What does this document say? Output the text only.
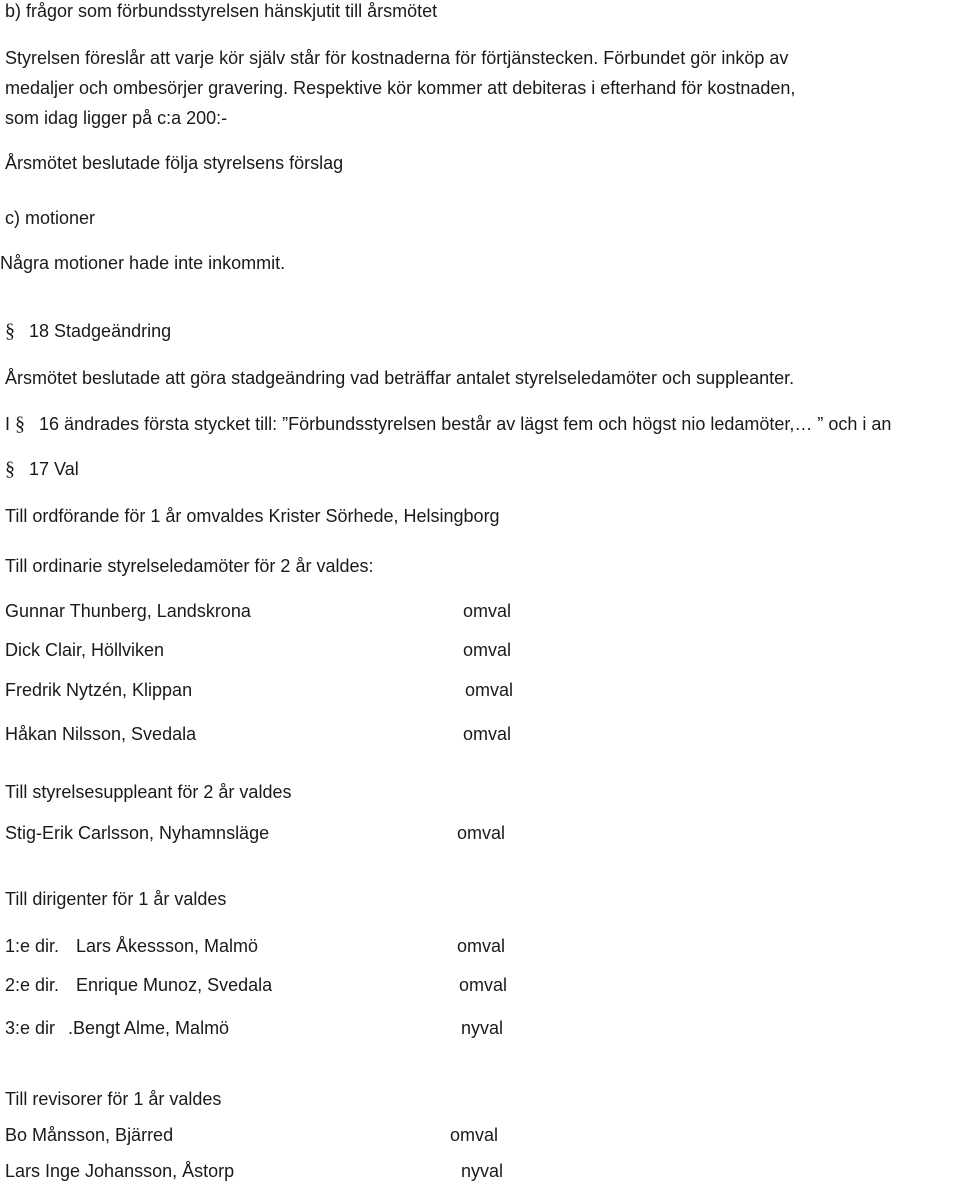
b) frågor som förbundsstyrelsen hänskjutit till årsmötet
Styrelsen föreslår att varje kör själv står för kostnaderna för förtjänstecken. Förbundet gör inköp av
medaljer och ombesörjer gravering. Respektive kör kommer att debiteras i efterhand för kostnaden,
som idag ligger på c:a 200:-
Årsmötet beslutade följa styrelsens förslag
c) motioner
Några motioner hade inte inkommit.
§ 18 Stadgeändring
Årsmötet beslutade att göra stadgeändring vad beträffar antalet styrelseledamöter och suppleanter.
I § 16 ändrades första stycket till: ”Förbundsstyrelsen består av lägst fem och högst nio ledamöter,… ” och i an
§ 17 Val
Till ordförande för 1 år omvaldes Krister Sörhede, Helsingborg
Till ordinarie styrelseledamöter för 2 år valdes:
Gunnar Thunberg, Landskrona	omval
Dick Clair, Höllviken	omval
Fredrik Nytzén, Klippan	omval
Håkan Nilsson, Svedala	omval
Till styrelsesuppleant för 2 år valdes
Stig-Erik Carlsson, Nyhamnsläge	omval
Till dirigenter för 1 år valdes
1:e dir. Lars Åkessson, Malmö	omval
2:e dir. Enrique Munoz, Svedala	omval
3:e dir .Bengt Alme, Malmö	nyval
Till revisorer för 1 år valdes
Bo Månsson, Bjärred	omval
Lars Inge Johansson, Åstorp	nyval
